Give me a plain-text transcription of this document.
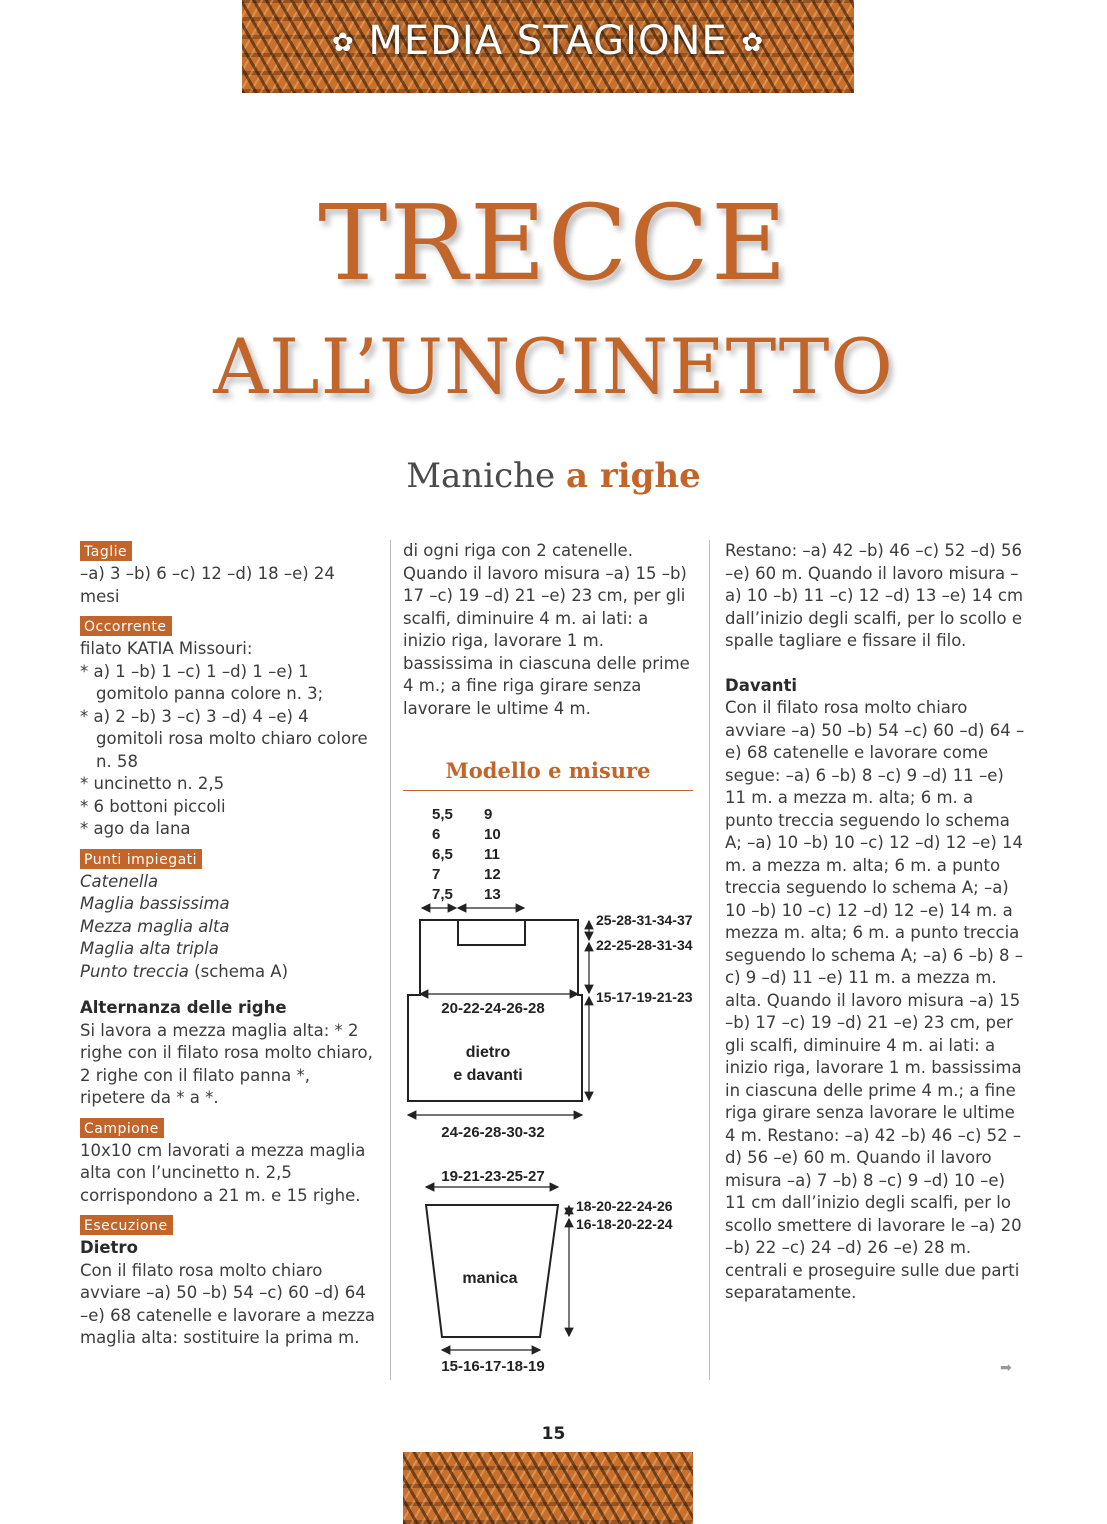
✿ MEDIA STAGIONE ✿
TRECCE
ALL’UNCINETTO
Maniche a righe
Taglie

–a) 3 –b) 6 –c) 12 –d) 18 –e) 24 mesi

Occorrente

filato KATIA Missouri:

* a) 1 –b) 1 –c) 1 –d) 1 –e) 1 gomitolo panna colore n. 3;

* a) 2 –b) 3 –c) 3 –d) 4 –e) 4 gomitoli rosa molto chiaro colore n. 58

* uncinetto n. 2,5

* 6 bottoni piccoli

* ago da lana

Punti impiegati

Catenella

Maglia bassissima

Mezza maglia alta

Maglia alta tripla

Punto treccia (schema A)

Alternanza delle righe

Si lavora a mezza maglia alta: * 2 righe con il filato rosa molto chiaro, 2 righe con il filato panna *, ripetere da * a *.

Campione

10x10 cm lavorati a mezza maglia alta con l’uncinetto n. 2,5 corrispondono a 21 m. e 15 righe.

Esecuzione

Dietro

Con il filato rosa molto chiaro avviare –a) 50 –b) 54 –c) 60 –d) 64 –e) 68 catenelle e lavorare a mezza maglia alta: sostituire la prima m.

di ogni riga con 2 catenelle. Quando il lavoro misura –a) 15 –b) 17 –c) 19 –d) 21 –e) 23 cm, per gli scalfi, diminuire 4 m. ai lati: a inizio riga, lavorare 1 m. bassissima in ciascuna delle prime 4 m.; a fine riga girare senza lavorare le ultime 4 m.

Modello e misure
5,5
6
6,5
7
7,5
9
10
11
12
13
20-22-24-26-28
dietro
e davanti
24-26-28-30-32
25-28-31-34-37
22-25-28-31-34
15-17-19-21-23
19-21-23-25-27
manica
18-20-22-24-26
16-18-20-22-24
15-16-17-18-19

Restano: –a) 42 –b) 46 –c) 52 –d) 56 –e) 60 m. Quando il lavoro misura –a) 10 –b) 11 –c) 12 –d) 13 –e) 14 cm dall’inizio degli scalfi, per lo scollo e spalle tagliare e fissare il filo.

Davanti

Con il filato rosa molto chiaro avviare –a) 50 –b) 54 –c) 60 –d) 64 –e) 68 catenelle e lavorare come segue: –a) 6 –b) 8 –c) 9 –d) 11 –e) 11 m. a mezza m. alta; 6 m. a punto treccia seguendo lo schema A; –a) 10 –b) 10 –c) 12 –d) 12 –e) 14 m. a mezza m. alta; 6 m. a punto treccia seguendo lo schema A; –a) 10 –b) 10 –c) 12 –d) 12 –e) 14 m. a mezza m. alta; 6 m. a punto treccia seguendo lo schema A; –a) 6 –b) 8 –c) 9 –d) 11 –e) 11 m. a mezza m. alta. Quando il lavoro misura –a) 15 –b) 17 –c) 19 –d) 21 –e) 23 cm, per gli scalfi, diminuire 4 m. ai lati: a inizio riga, lavorare 1 m. bassissima in ciascuna delle prime 4 m.; a fine riga girare senza lavorare le ultime 4 m. Restano: –a) 42 –b) 46 –c) 52 –d) 56 –e) 60 m. Quando il lavoro misura –a) 7 –b) 8 –c) 9 –d) 10 –e) 11 cm dall’inizio degli scalfi, per lo scollo smettere di lavorare le –a) 20 –b) 22 –c) 24 –d) 26 –e) 28 m. centrali e proseguire sulle due parti separatamente.

➡
15
